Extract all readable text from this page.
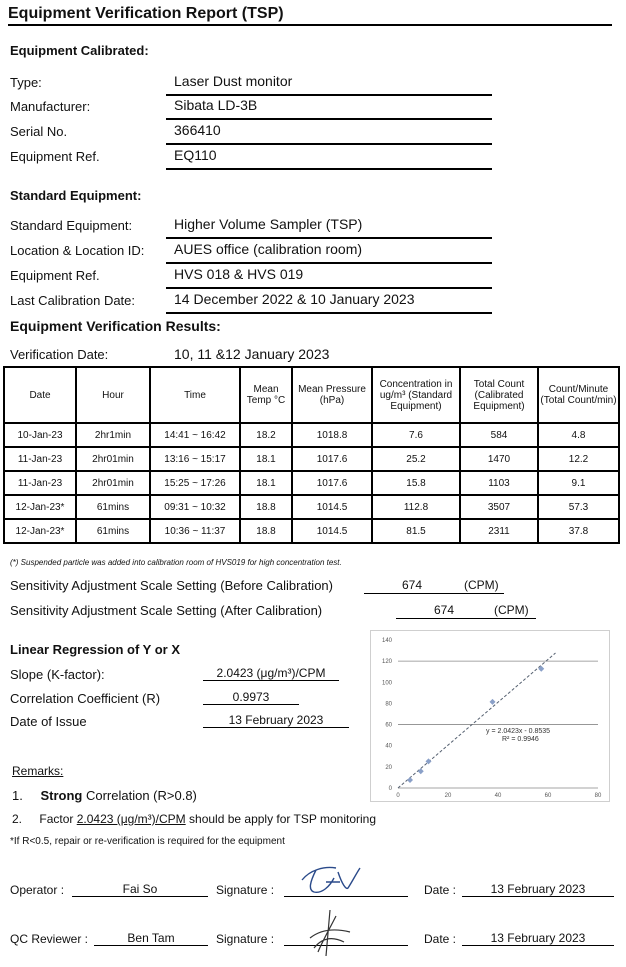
Equipment Verification Report (TSP)
Equipment Calibrated:
Type:	Laser Dust monitor
Manufacturer:	Sibata LD-3B
Serial No.	366410
Equipment Ref.	EQ110
Standard Equipment:
Standard Equipment:	Higher Volume Sampler (TSP)
Location & Location ID: AUES office (calibration room)
Equipment Ref.	HVS 018 & HVS 019
Last Calibration Date:	14 December 2022 & 10 January 2023
Equipment Verification Results:
Verification Date:	10, 11 &12 January 2023
Date	Hour	Time	Mean Temp °C	Mean Pressure (hPa)	Concentration in ug/m³ (Standard Equipment)	Total Count (Calibrated Equipment)	Count/Minute (Total Count/min)
10-Jan-23	2hr1min	14:41 ~ 16:42	18.2	1018.8	7.6	584	4.8
11-Jan-23	2hr01min	13:16 ~ 15:17	18.1	1017.6	25.2	1470	12.2
11-Jan-23	2hr01min	15:25 ~ 17:26	18.1	1017.6	15.8	1103	9.1
12-Jan-23*	61mins	09:31 ~ 10:32	18.8	1014.5	112.8	3507	57.3
12-Jan-23*	61mins	10:36 ~ 11:37	18.8	1014.5	81.5	2311	37.8
(*) Suspended particle was added into calibration room of HVS019 for high concentration test.
Sensitivity Adjustment Scale Setting (Before Calibration)	674	(CPM)
Sensitivity Adjustment Scale Setting (After Calibration)	674	(CPM)
Linear Regression of Y or X
Slope (K-factor):	2.0423 (μg/m³)/CPM
Correlation Coefficient (R)	0.9973
Date of Issue	13 February 2023
0
20
40
60
80
100
120
140
0	20	40	60	80
y = 2.0423x - 0.8535
R² = 0.9946
Remarks:
1. Strong Correlation (R>0.8)
2. Factor 2.0423 (μg/m³)/CPM should be apply for TSP monitoring
*If R<0.5, repair or re-verification is required for the equipment
Operator :	Fai So	Signature :	Date :	13 February 2023
QC Reviewer :	Ben Tam	Signature :	Date :	13 February 2023
